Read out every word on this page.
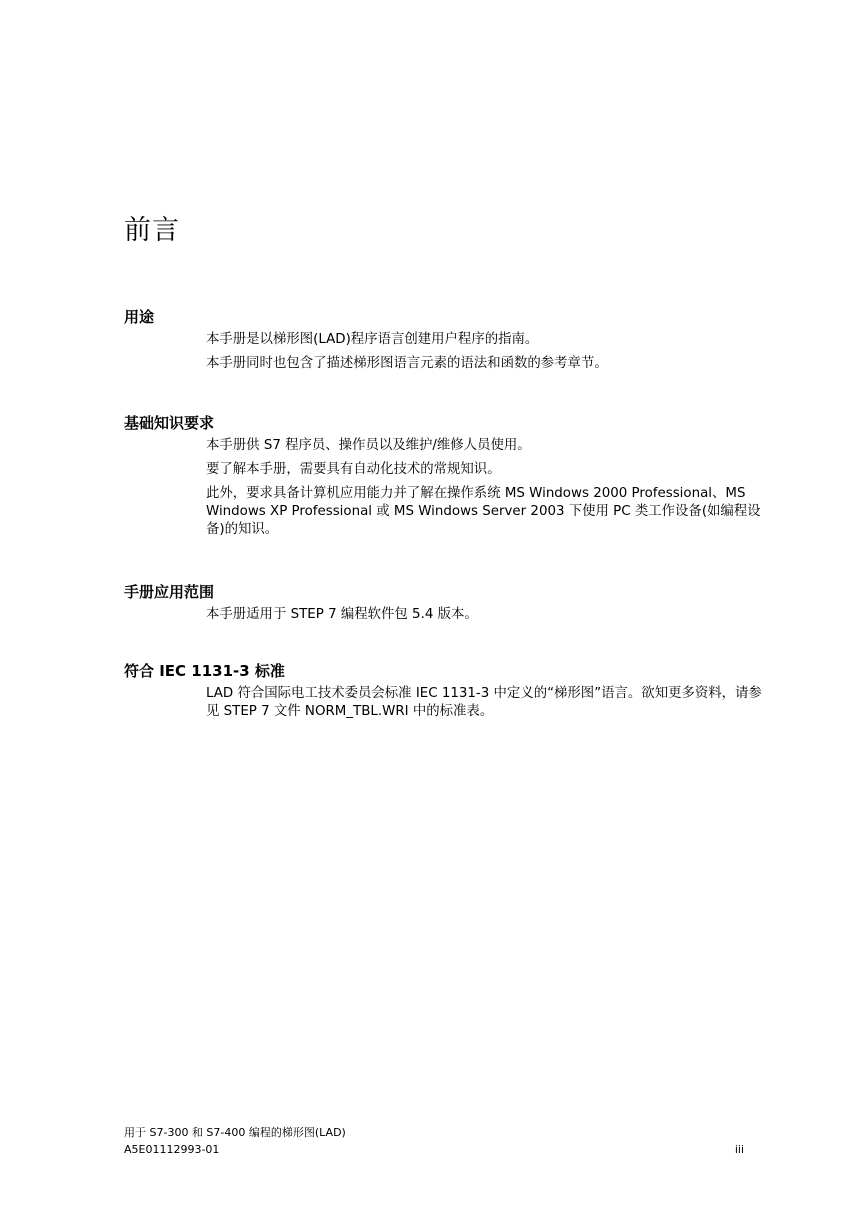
前言
用途

本手册是以梯形图(LAD)程序语言创建用户程序的指南。

本手册同时也包含了描述梯形图语言元素的语法和函数的参考章节。

基础知识要求

本手册供 S7 程序员、操作员以及维护/维修人员使用。

要了解本手册，需要具有自动化技术的常规知识。

此外，要求具备计算机应用能力并了解在操作系统 MS Windows 2000 Professional、MS Windows XP Professional 或 MS Windows Server 2003 下使用 PC 类工作设备(如编程设备)的知识。

手册应用范围

本手册适用于 STEP 7 编程软件包 5.4 版本。

符合 IEC 1131-3 标准

LAD 符合国际电工技术委员会标准 IEC 1131-3 中定义的“梯形图”语言。欲知更多资料，请参见 STEP 7 文件 NORM_TBL.WRI 中的标准表。

用于 S7-300 和 S7-400 编程的梯形图(LAD)
A5E01112993-01	iii
